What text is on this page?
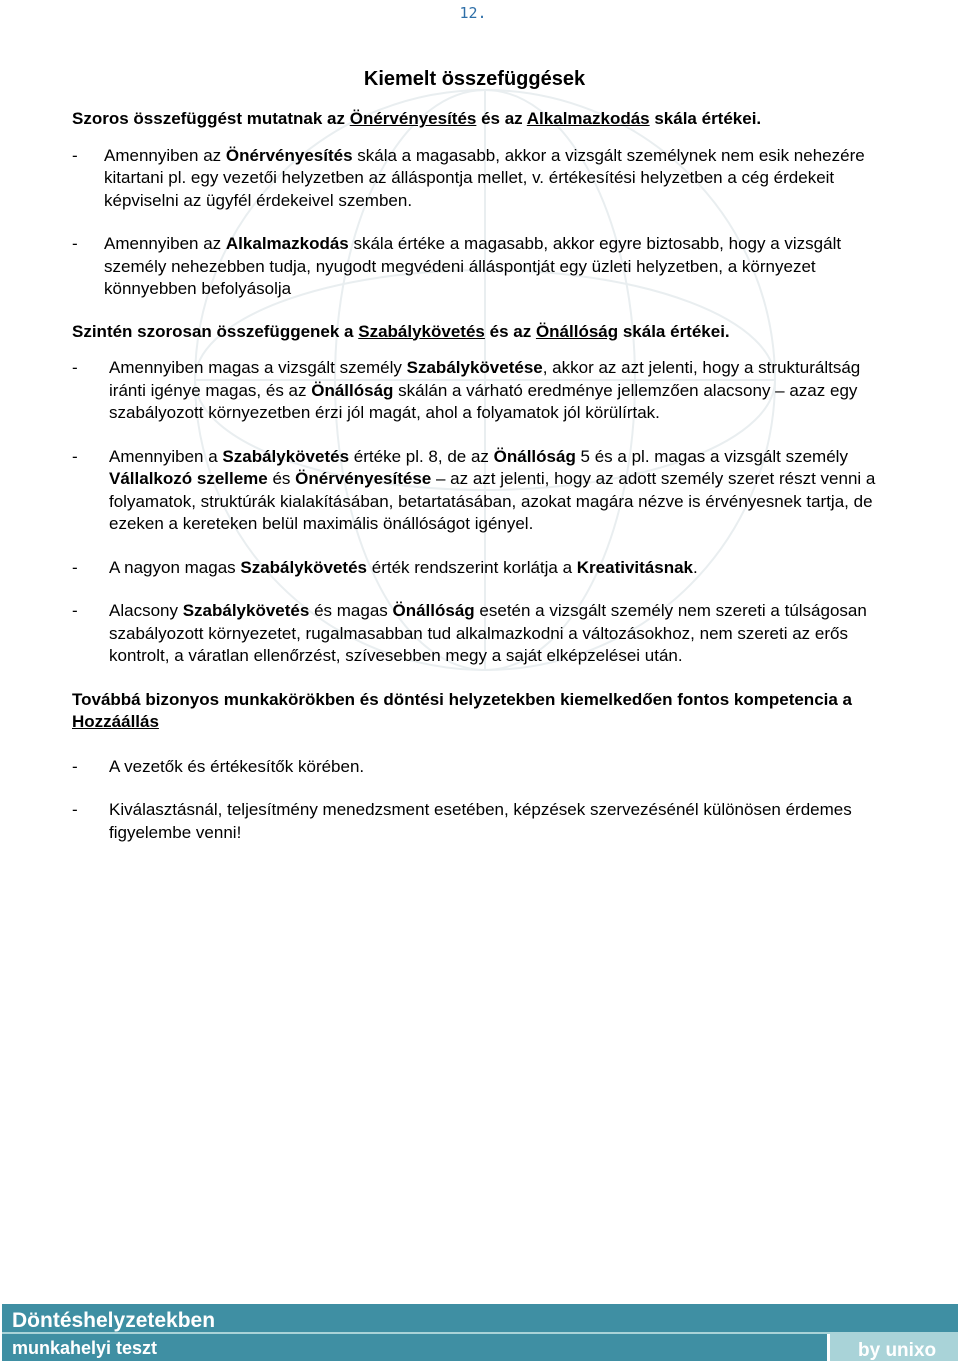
12.
Kiemelt összefüggések

Szoros összefüggést mutatnak az Önérvényesítés és az Alkalmazkodás skála értékei.

-	Amennyiben az Önérvényesítés skála a magasabb, akkor a vizsgált személynek nem esik nehezére kitartani pl. egy vezetői helyzetben az álláspontja mellet, v. értékesítési helyzetben a cég érdekeit képviselni az ügyfél érdekeivel szemben.
-	Amennyiben az Alkalmazkodás skála értéke a magasabb, akkor egyre biztosabb, hogy a vizsgált személy nehezebben tudja, nyugodt megvédeni álláspontját egy üzleti helyzetben, a környezet könnyebben befolyásolja

Szintén szorosan összefüggenek a Szabálykövetés és az Önállóság skála értékei.

-	Amennyiben magas a vizsgált személy Szabálykövetése, akkor az azt jelenti, hogy a strukturáltság iránti igénye magas, és az Önállóság skálán a várható eredménye jellemzően alacsony – azaz egy szabályozott környezetben érzi jól magát, ahol a folyamatok jól körülírtak.
-	Amennyiben a Szabálykövetés értéke pl. 8, de az Önállóság 5 és a pl. magas a vizsgált személy Vállalkozó szelleme és Önérvényesítése – az azt jelenti, hogy az adott személy szeret részt venni a folyamatok, struktúrák kialakításában, betartatásában, azokat magára nézve is érvényesnek tartja, de ezeken a kereteken belül maximális önállóságot igényel.
-	A nagyon magas Szabálykövetés érték rendszerint korlátja a Kreativitásnak.
-	Alacsony Szabálykövetés és magas Önállóság esetén a vizsgált személy nem szereti a túlságosan szabályozott környezetet, rugalmasabban tud alkalmazkodni a változásokhoz, nem szereti az erős kontrolt, a váratlan ellenőrzést, szívesebben megy a saját elképzelései után.

Továbbá bizonyos munkakörökben és döntési helyzetekben kiemelkedően fontos kompetencia a Hozzáállás

-	A vezetők és értékesítők körében.
-	Kiválasztásnál, teljesítmény menedzsment esetében, képzések szervezésénél különösen érdemes figyelembe venni!
Döntéshelyzetekben
munkahelyi teszt	by unixo
